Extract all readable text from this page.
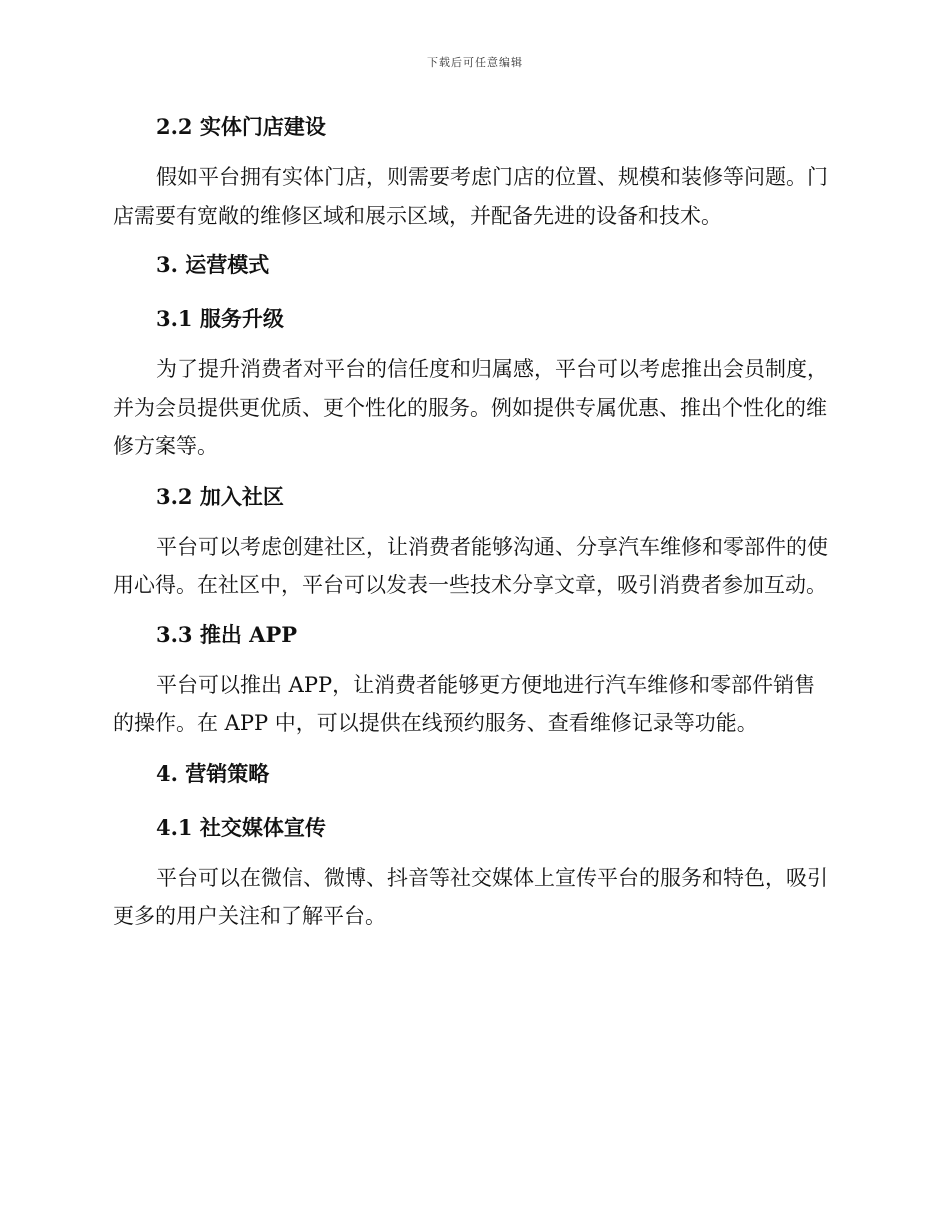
下载后可任意编辑
2.2 实体门店建设

假如平台拥有实体门店，则需要考虑门店的位置、规模和装修等问题。门店需要有宽敞的维修区域和展示区域，并配备先进的设备和技术。

3. 运营模式
3.1 服务升级

为了提升消费者对平台的信任度和归属感，平台可以考虑推出会员制度，并为会员提供更优质、更个性化的服务。例如提供专属优惠、推出个性化的维修方案等。

3.2 加入社区

平台可以考虑创建社区，让消费者能够沟通、分享汽车维修和零部件的使用心得。在社区中，平台可以发表一些技术分享文章，吸引消费者参加互动。

3.3 推出 APP

平台可以推出 APP，让消费者能够更方便地进行汽车维修和零部件销售的操作。在 APP 中，可以提供在线预约服务、查看维修记录等功能。

4. 营销策略
4.1 社交媒体宣传

平台可以在微信、微博、抖音等社交媒体上宣传平台的服务和特色，吸引更多的用户关注和了解平台。
